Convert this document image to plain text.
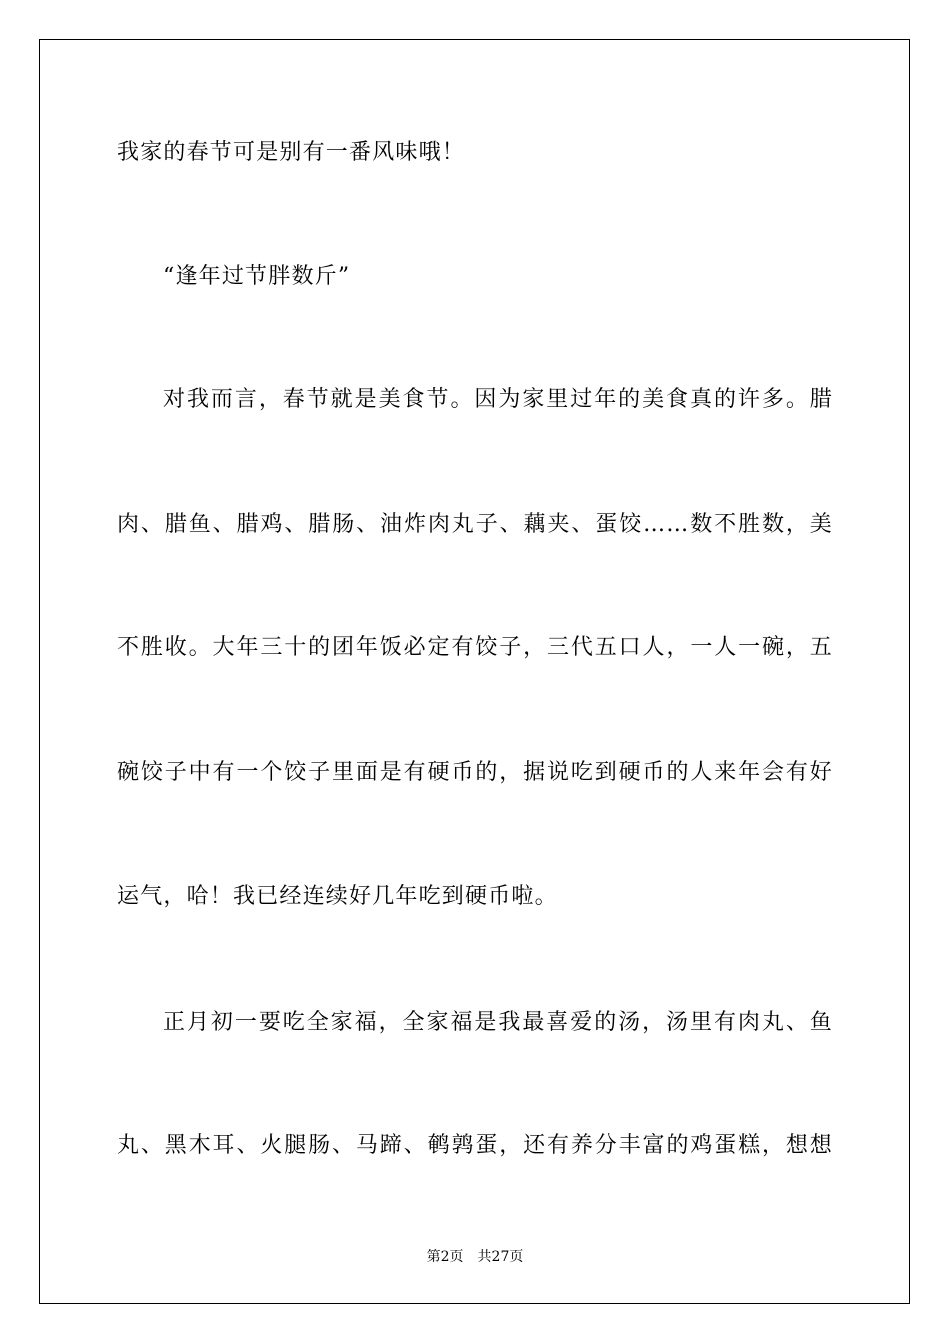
我家的春节可是别有一番风味哦！
“逢年过节胖数斤”
对我而言，春节就是美食节。因为家里过年的美食真的许多。腊
肉、腊鱼、腊鸡、腊肠、油炸肉丸子、藕夹、蛋饺……数不胜数，美
不胜收。大年三十的团年饭必定有饺子，三代五口人，一人一碗，五
碗饺子中有一个饺子里面是有硬币的，据说吃到硬币的人来年会有好
运气，哈！我已经连续好几年吃到硬币啦。
正月初一要吃全家福，全家福是我最喜爱的汤，汤里有肉丸、鱼
丸、黑木耳、火腿肠、马蹄、鹌鹑蛋，还有养分丰富的鸡蛋糕，想想
第2页 共27页
